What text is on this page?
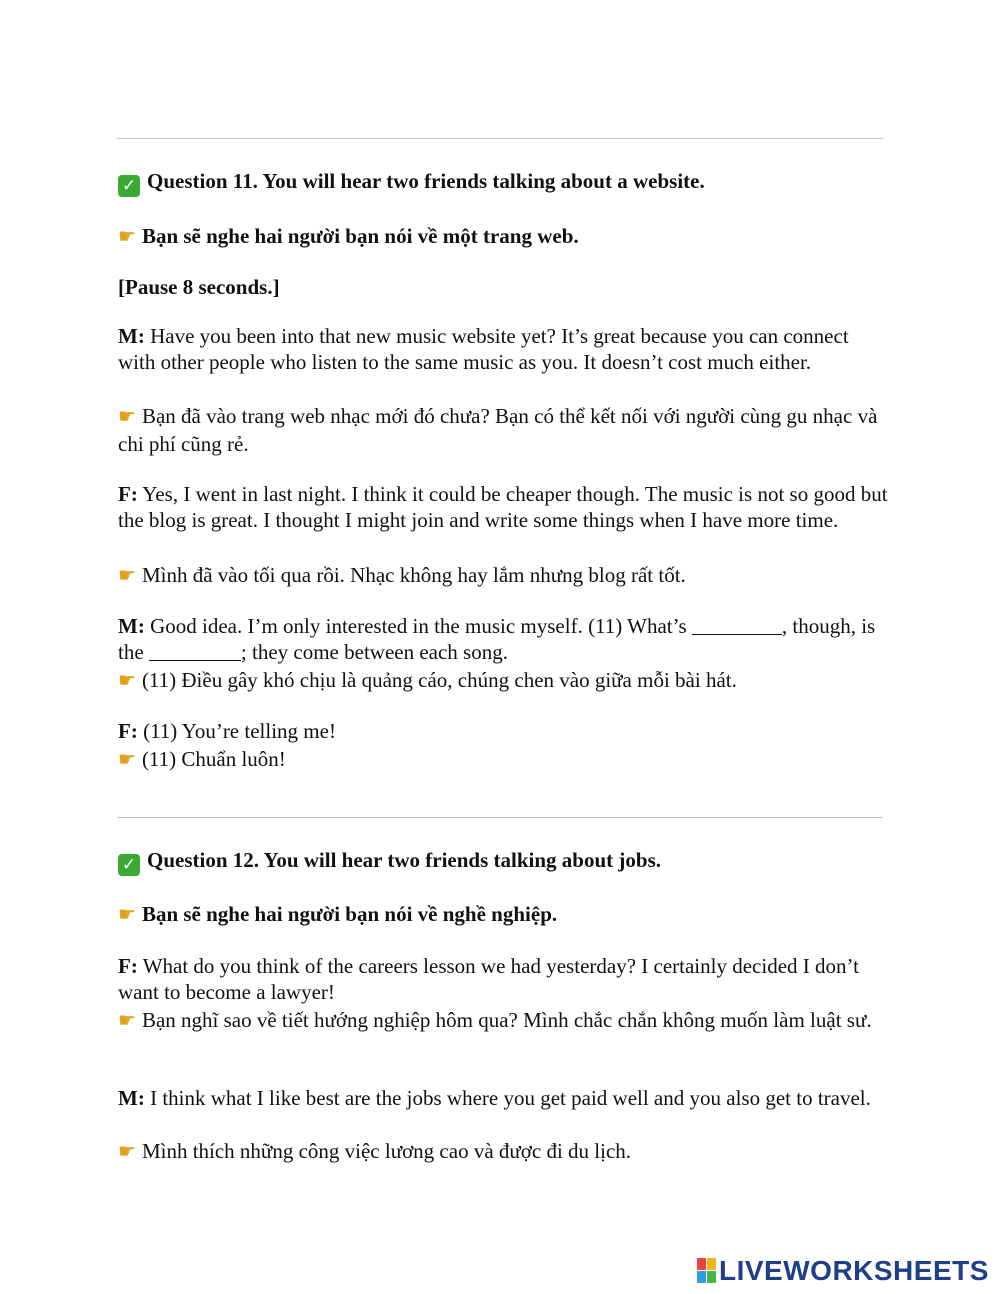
✓ Question 11. You will hear two friends talking about a website.
☛ Bạn sẽ nghe hai người bạn nói về một trang web.
[Pause 8 seconds.]
M: Have you been into that new music website yet? It’s great because you can connect with other people who listen to the same music as you. It doesn’t cost much either.
☛ Bạn đã vào trang web nhạc mới đó chưa? Bạn có thể kết nối với người cùng gu nhạc và chi phí cũng rẻ.
F: Yes, I went in last night. I think it could be cheaper though. The music is not so good but the blog is great. I thought I might join and write some things when I have more time.
☛ Mình đã vào tối qua rồi. Nhạc không hay lắm nhưng blog rất tốt.
M: Good idea. I’m only interested in the music myself. (11) What’s	, though, is the	; they come between each song.
☛ (11) Điều gây khó chịu là quảng cáo, chúng chen vào giữa mỗi bài hát.
F: (11) You’re telling me!
☛ (11) Chuẩn luôn!
✓ Question 12. You will hear two friends talking about jobs.
☛ Bạn sẽ nghe hai người bạn nói về nghề nghiệp.
F: What do you think of the careers lesson we had yesterday? I certainly decided I don’t want to become a lawyer!
☛ Bạn nghĩ sao về tiết hướng nghiệp hôm qua? Mình chắc chắn không muốn làm luật sư.
M: I think what I like best are the jobs where you get paid well and you also get to travel.
☛ Mình thích những công việc lương cao và được đi du lịch.
LIVEWORKSHEETS
